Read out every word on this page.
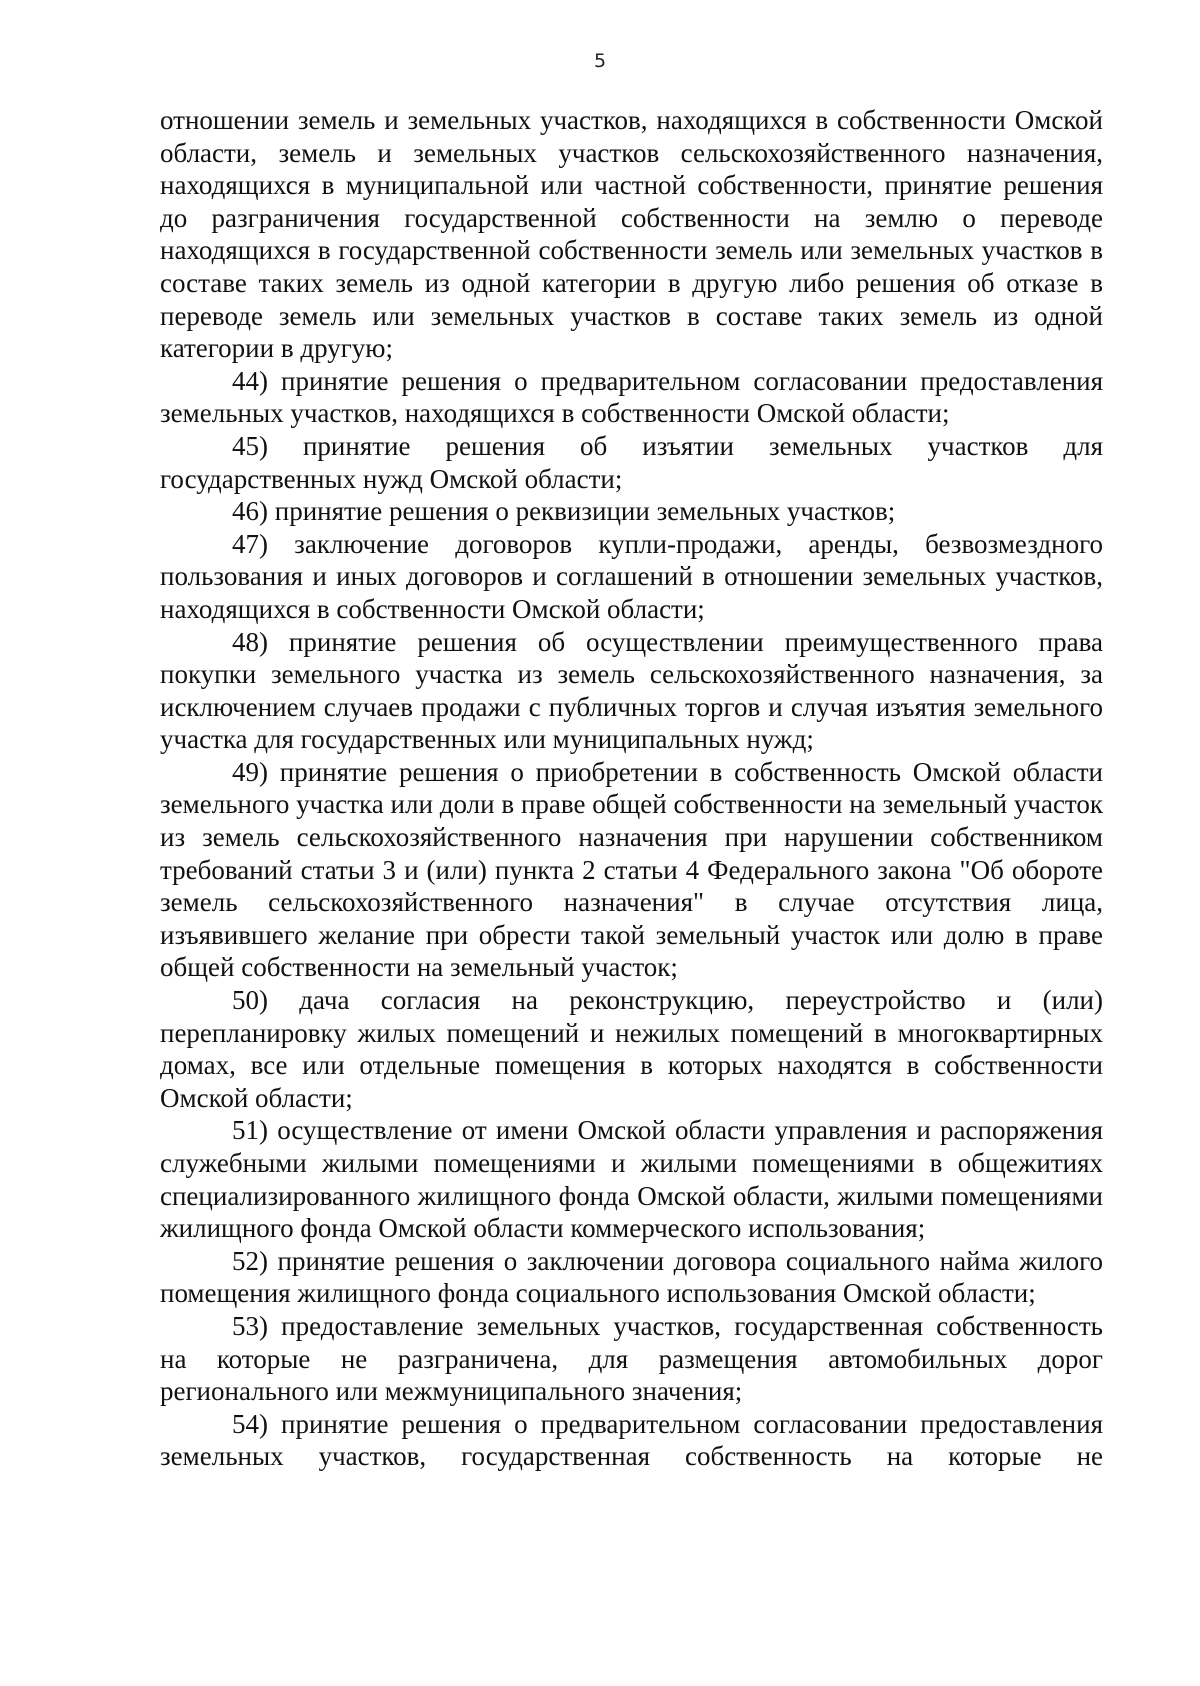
5

отношении земель и земельных участков, находящихся в собственности Омской области, земель и земельных участков сельскохозяйственного назначения, находящихся в муниципальной или частной собственности, принятие решения до разграничения государственной собственности на землю о переводе находящихся в государственной собственности земель или земельных участков в составе таких земель из одной категории в другую либо решения об отказе в переводе земель или земельных участков в составе таких земель из одной категории в другую;

44) принятие решения о предварительном согласовании предоставления земельных участков, находящихся в собственности Омской области;

45) принятие решения об изъятии земельных участков для государственных нужд Омской области;

46) принятие решения о реквизиции земельных участков;

47) заключение договоров купли-продажи, аренды, безвозмездного пользования и иных договоров и соглашений в отношении земельных участков, находящихся в собственности Омской области;

48) принятие решения об осуществлении преимущественного права покупки земельного участка из земель сельскохозяйственного назначения, за исключением случаев продажи с публичных торгов и случая изъятия земельного участка для государственных или муниципальных нужд;

49) принятие решения о приобретении в собственность Омской области земельного участка или доли в праве общей собственности на земельный участок из земель сельскохозяйственного назначения при нарушении собственником требований статьи 3 и (или) пункта 2 статьи 4 Федерального закона "Об обороте земель сельскохозяйственного назначения" в случае отсутствия лица, изъявившего желание при обрести такой земельный участок или долю в праве общей собственности на земельный участок;

50) дача согласия на реконструкцию, переустройство и (или) перепланировку жилых помещений и нежилых помещений в многоквартирных домах, все или отдельные помещения в которых находятся в собственности Омской области;

51) осуществление от имени Омской области управления и распоряжения служебными жилыми помещениями и жилыми помещениями в общежитиях специализированного жилищного фонда Омской области, жилыми помещениями жилищного фонда Омской области коммерческого использования;

52) принятие решения о заключении договора социального найма жилого помещения жилищного фонда социального использования Омской области;

53) предоставление земельных участков, государственная собственность на которые не разграничена, для размещения автомобильных дорог регионального или межмуниципального значения;

54) принятие решения о предварительном согласовании предоставления земельных участков, государственная собственность на которые не
